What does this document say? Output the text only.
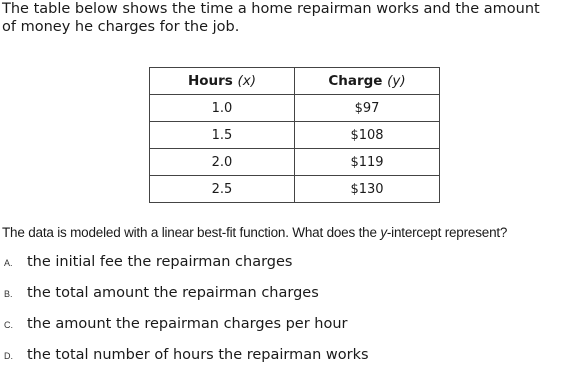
The table below shows the time a home repairman works and the amount
of money he charges for the job.

Hours (x)	Charge (y)
1.0	$97
1.5	$108
2.0	$119
2.5	$130

The data is modeled with a linear best-fit function. What does the y-intercept represent?

A. the initial fee the repairman charges
B. the total amount the repairman charges
C. the amount the repairman charges per hour
D. the total number of hours the repairman works
